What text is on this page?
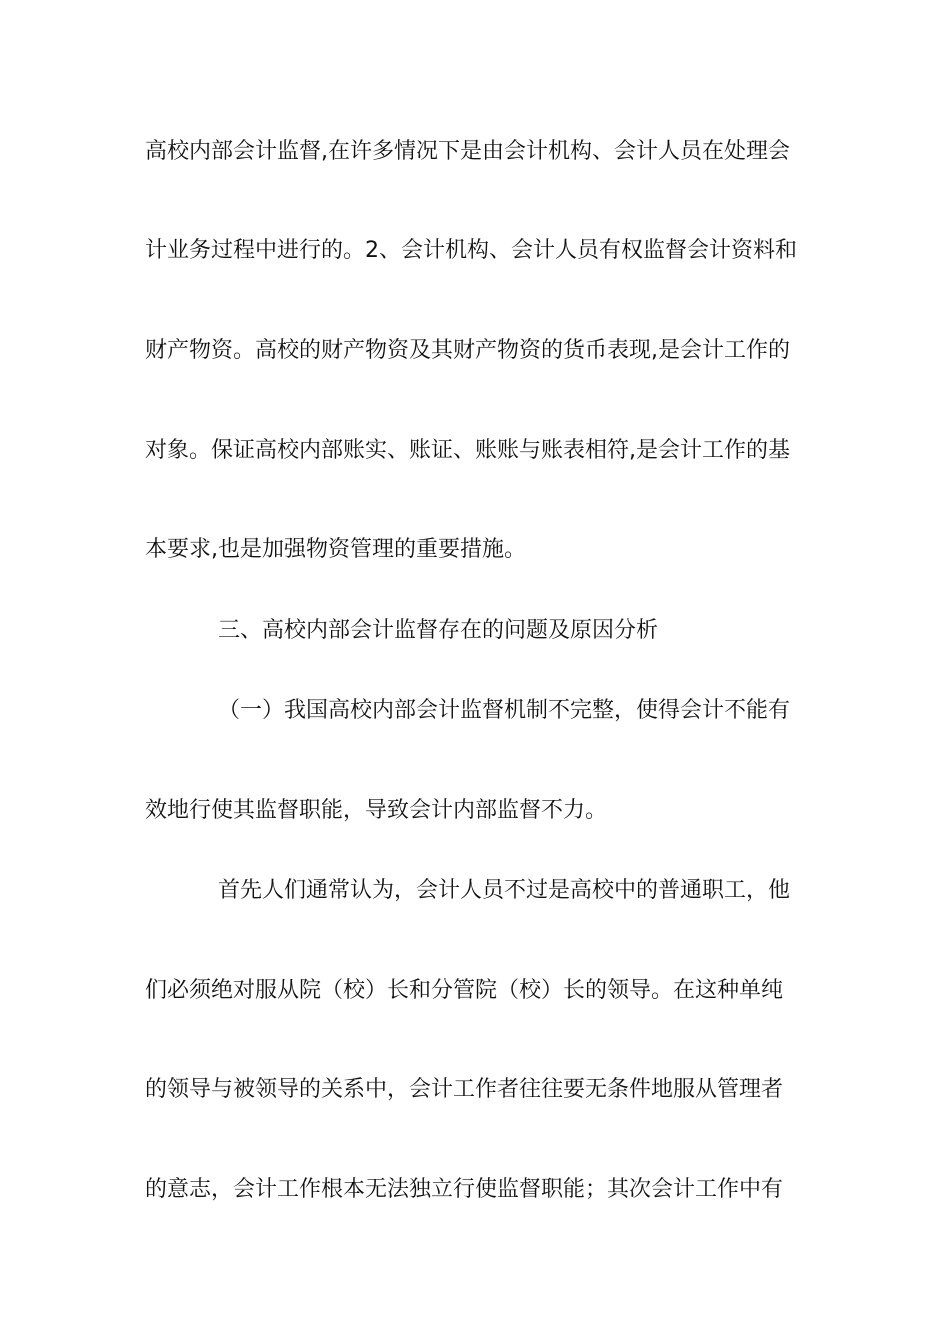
高校内部会计监督,在许多情况下是由会计机构、会计人员在处理会
计业务过程中进行的。2、会计机构、会计人员有权监督会计资料和
财产物资。高校的财产物资及其财产物资的货币表现,是会计工作的
对象。保证高校内部账实、账证、账账与账表相符,是会计工作的基
本要求,也是加强物资管理的重要措施。
三、高校内部会计监督存在的问题及原因分析
（一）我国高校内部会计监督机制不完整，使得会计不能有
效地行使其监督职能，导致会计内部监督不力。
首先人们通常认为，会计人员不过是高校中的普通职工，他
们必须绝对服从院（校）长和分管院（校）长的领导。在这种单纯
的领导与被领导的关系中，会计工作者往往要无条件地服从管理者
的意志，会计工作根本无法独立行使监督职能；其次会计工作中有
